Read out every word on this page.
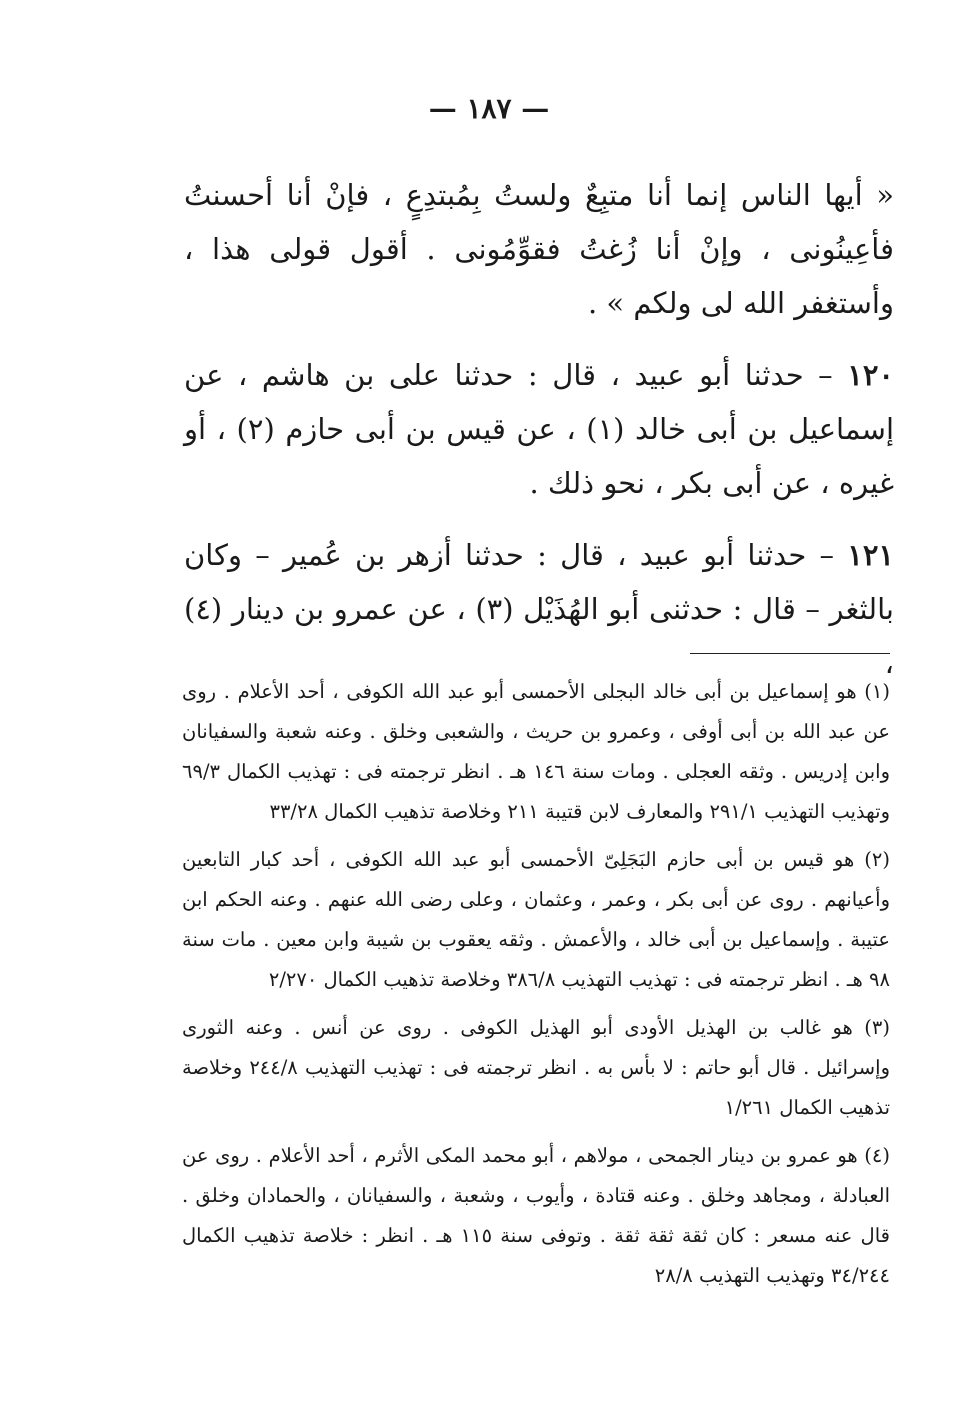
— ١٨٧ —

« أيها الناس إنما أنا متبِعٌ ولستُ بِمُبتدِعٍ ، فإنْ أنا أحسنتُ فأعِينُونى ، وإنْ أنا زُغتُ فقوِّمُونى . أقول قولى هذا ، وأستغفر الله لى ولكم » .

١٢٠ – حدثنا أبو عبيد ، قال : حدثنا على بن هاشم ، عن إسماعيل بن أبى خالد (١) ، عن قيس بن أبى حازم (٢) ، أو غيره ، عن أبى بكر ، نحو ذلك .

١٢١ – حدثنا أبو عبيد ، قال : حدثنا أزهر بن عُمير – وكان بالثغر – قال : حدثنى أبو الهُذَيْل (٣) ، عن عمرو بن دينار (٤) ،

(١) هو إسماعيل بن أبى خالد البجلى الأحمسى أبو عبد الله الكوفى ، أحد الأعلام . روى عن عبد الله بن أبى أوفى ، وعمرو بن حريث ، والشعبى وخلق . وعنه شعبة والسفيانان وابن إدريس . وثقه العجلى . ومات سنة ١٤٦ هـ . انظر ترجمته فى : تهذيب الكمال ٦٩/٣ وتهذيب التهذيب ٢٩١/١ والمعارف لابن قتيبة ٢١١ وخلاصة تذهيب الكمال ٣٣/٢٨

(٢) هو قيس بن أبى حازم البَجَلِىّ الأحمسى أبو عبد الله الكوفى ، أحد كبار التابعين وأعيانهم . روى عن أبى بكر ، وعمر ، وعثمان ، وعلى رضى الله عنهم . وعنه الحكم ابن عتيبة . وإسماعيل بن أبى خالد ، والأعمش . وثقه يعقوب بن شيبة وابن معين . مات سنة ٩٨ هـ . انظر ترجمته فى : تهذيب التهذيب ٣٨٦/٨ وخلاصة تذهيب الكمال ٢/٢٧٠

(٣) هو غالب بن الهذيل الأودى أبو الهذيل الكوفى . روى عن أنس . وعنه الثورى وإسرائيل . قال أبو حاتم : لا بأس به . انظر ترجمته فى : تهذيب التهذيب ٢٤٤/٨ وخلاصة تذهيب الكمال ١/٢٦١

(٤) هو عمرو بن دينار الجمحى ، مولاهم ، أبو محمد المكى الأثرم ، أحد الأعلام . روى عن العبادلة ، ومجاهد وخلق . وعنه قتادة ، وأيوب ، وشعبة ، والسفيانان ، والحمادان وخلق . قال عنه مسعر : كان ثقة ثقة ثقة . وتوفى سنة ١١٥ هـ . انظر : خلاصة تذهيب الكمال ٣٤/٢٤٤ وتهذيب التهذيب ٢٨/٨
